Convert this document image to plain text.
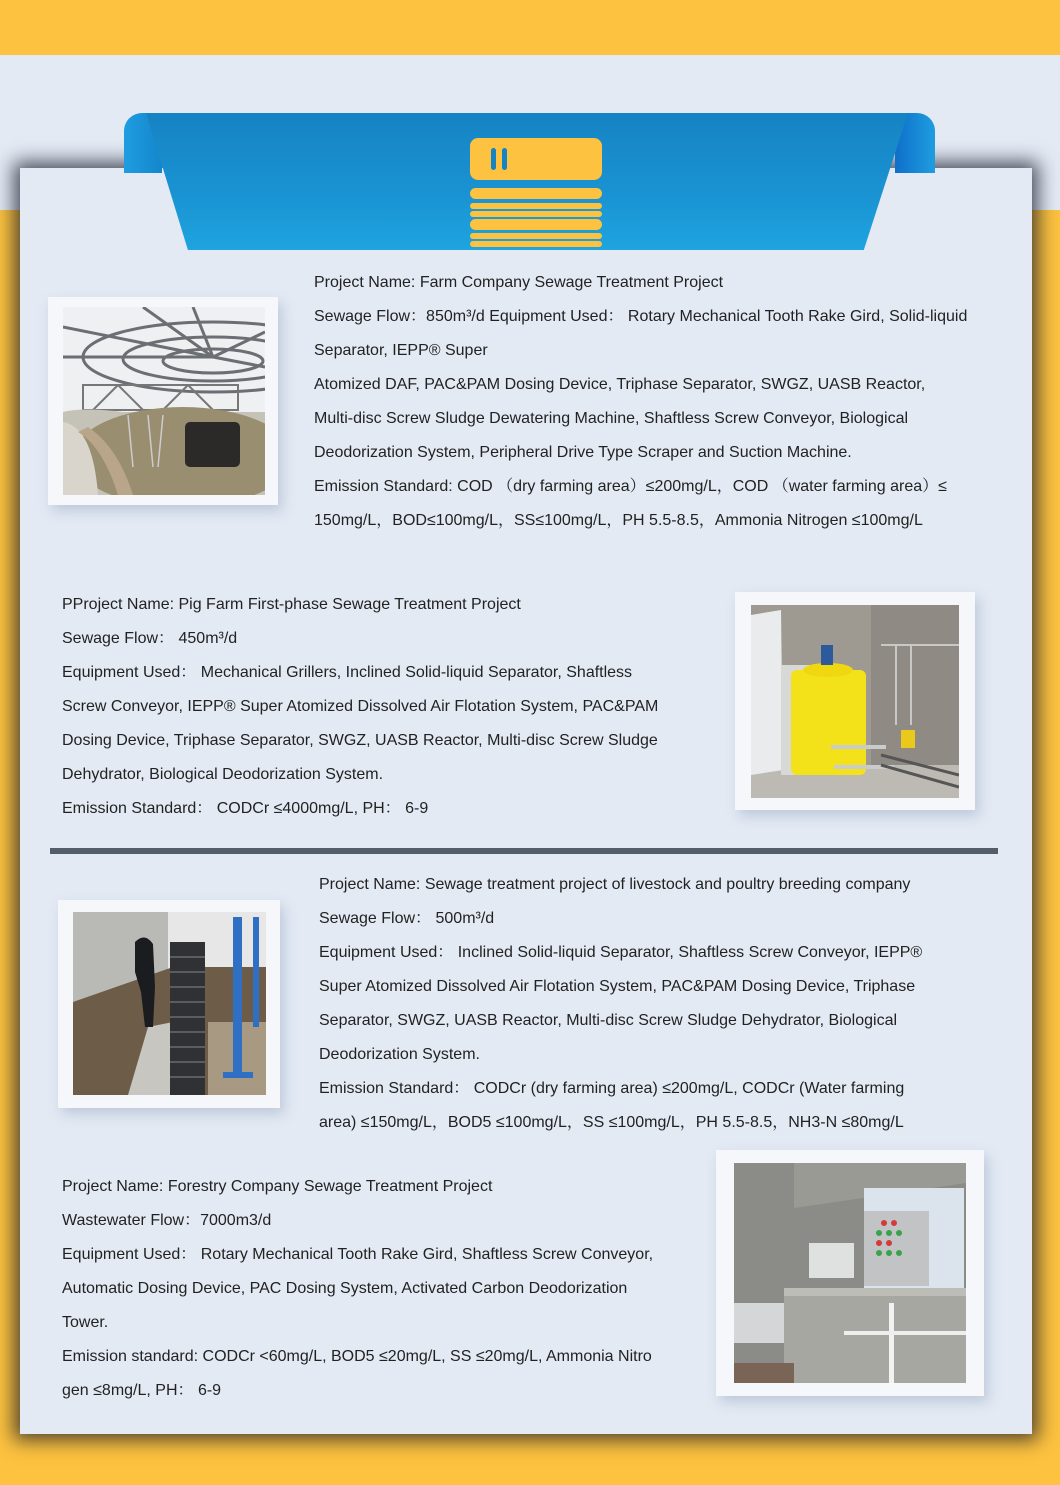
Project Name: Farm Company Sewage Treatment Project

Sewage Flow：850m³/d Equipment Used： Rotary Mechanical Tooth Rake Gird, Solid-liquid

Separator, IEPP® Super

Atomized DAF, PAC&PAM Dosing Device, Triphase Separator, SWGZ, UASB Reactor,

Multi-disc Screw Sludge Dewatering Machine, Shaftless Screw Conveyor, Biological

Deodorization System, Peripheral Drive Type Scraper and Suction Machine.

Emission Standard: COD （dry farming area）≤200mg/L，COD （water farming area）≤

150mg/L，BOD≤100mg/L，SS≤100mg/L，PH 5.5-8.5，Ammonia Nitrogen ≤100mg/L

PProject Name: Pig Farm First-phase Sewage Treatment Project

Sewage Flow： 450m³/d

Equipment Used： Mechanical Grillers, Inclined Solid-liquid Separator, Shaftless

Screw Conveyor, IEPP® Super Atomized Dissolved Air Flotation System, PAC&PAM

Dosing Device, Triphase Separator, SWGZ, UASB Reactor, Multi-disc Screw Sludge

Dehydrator, Biological Deodorization System.

Emission Standard： CODCr ≤4000mg/L, PH： 6-9

Project Name: Sewage treatment project of livestock and poultry breeding company

Sewage Flow： 500m³/d

Equipment Used： Inclined Solid-liquid Separator, Shaftless Screw Conveyor, IEPP®

Super Atomized Dissolved Air Flotation System, PAC&PAM Dosing Device, Triphase

Separator, SWGZ, UASB Reactor, Multi-disc Screw Sludge Dehydrator, Biological

Deodorization System.

Emission Standard： CODCr (dry farming area) ≤200mg/L, CODCr (Water farming

area) ≤150mg/L，BOD5 ≤100mg/L，SS ≤100mg/L，PH 5.5-8.5，NH3-N ≤80mg/L

Project Name: Forestry Company Sewage Treatment Project

Wastewater Flow：7000m3/d

Equipment Used： Rotary Mechanical Tooth Rake Gird, Shaftless Screw Conveyor,

Automatic Dosing Device, PAC Dosing System, Activated Carbon Deodorization

Tower.

Emission standard: CODCr <60mg/L, BOD5 ≤20mg/L, SS ≤20mg/L, Ammonia Nitro

gen ≤8mg/L, PH： 6-9
